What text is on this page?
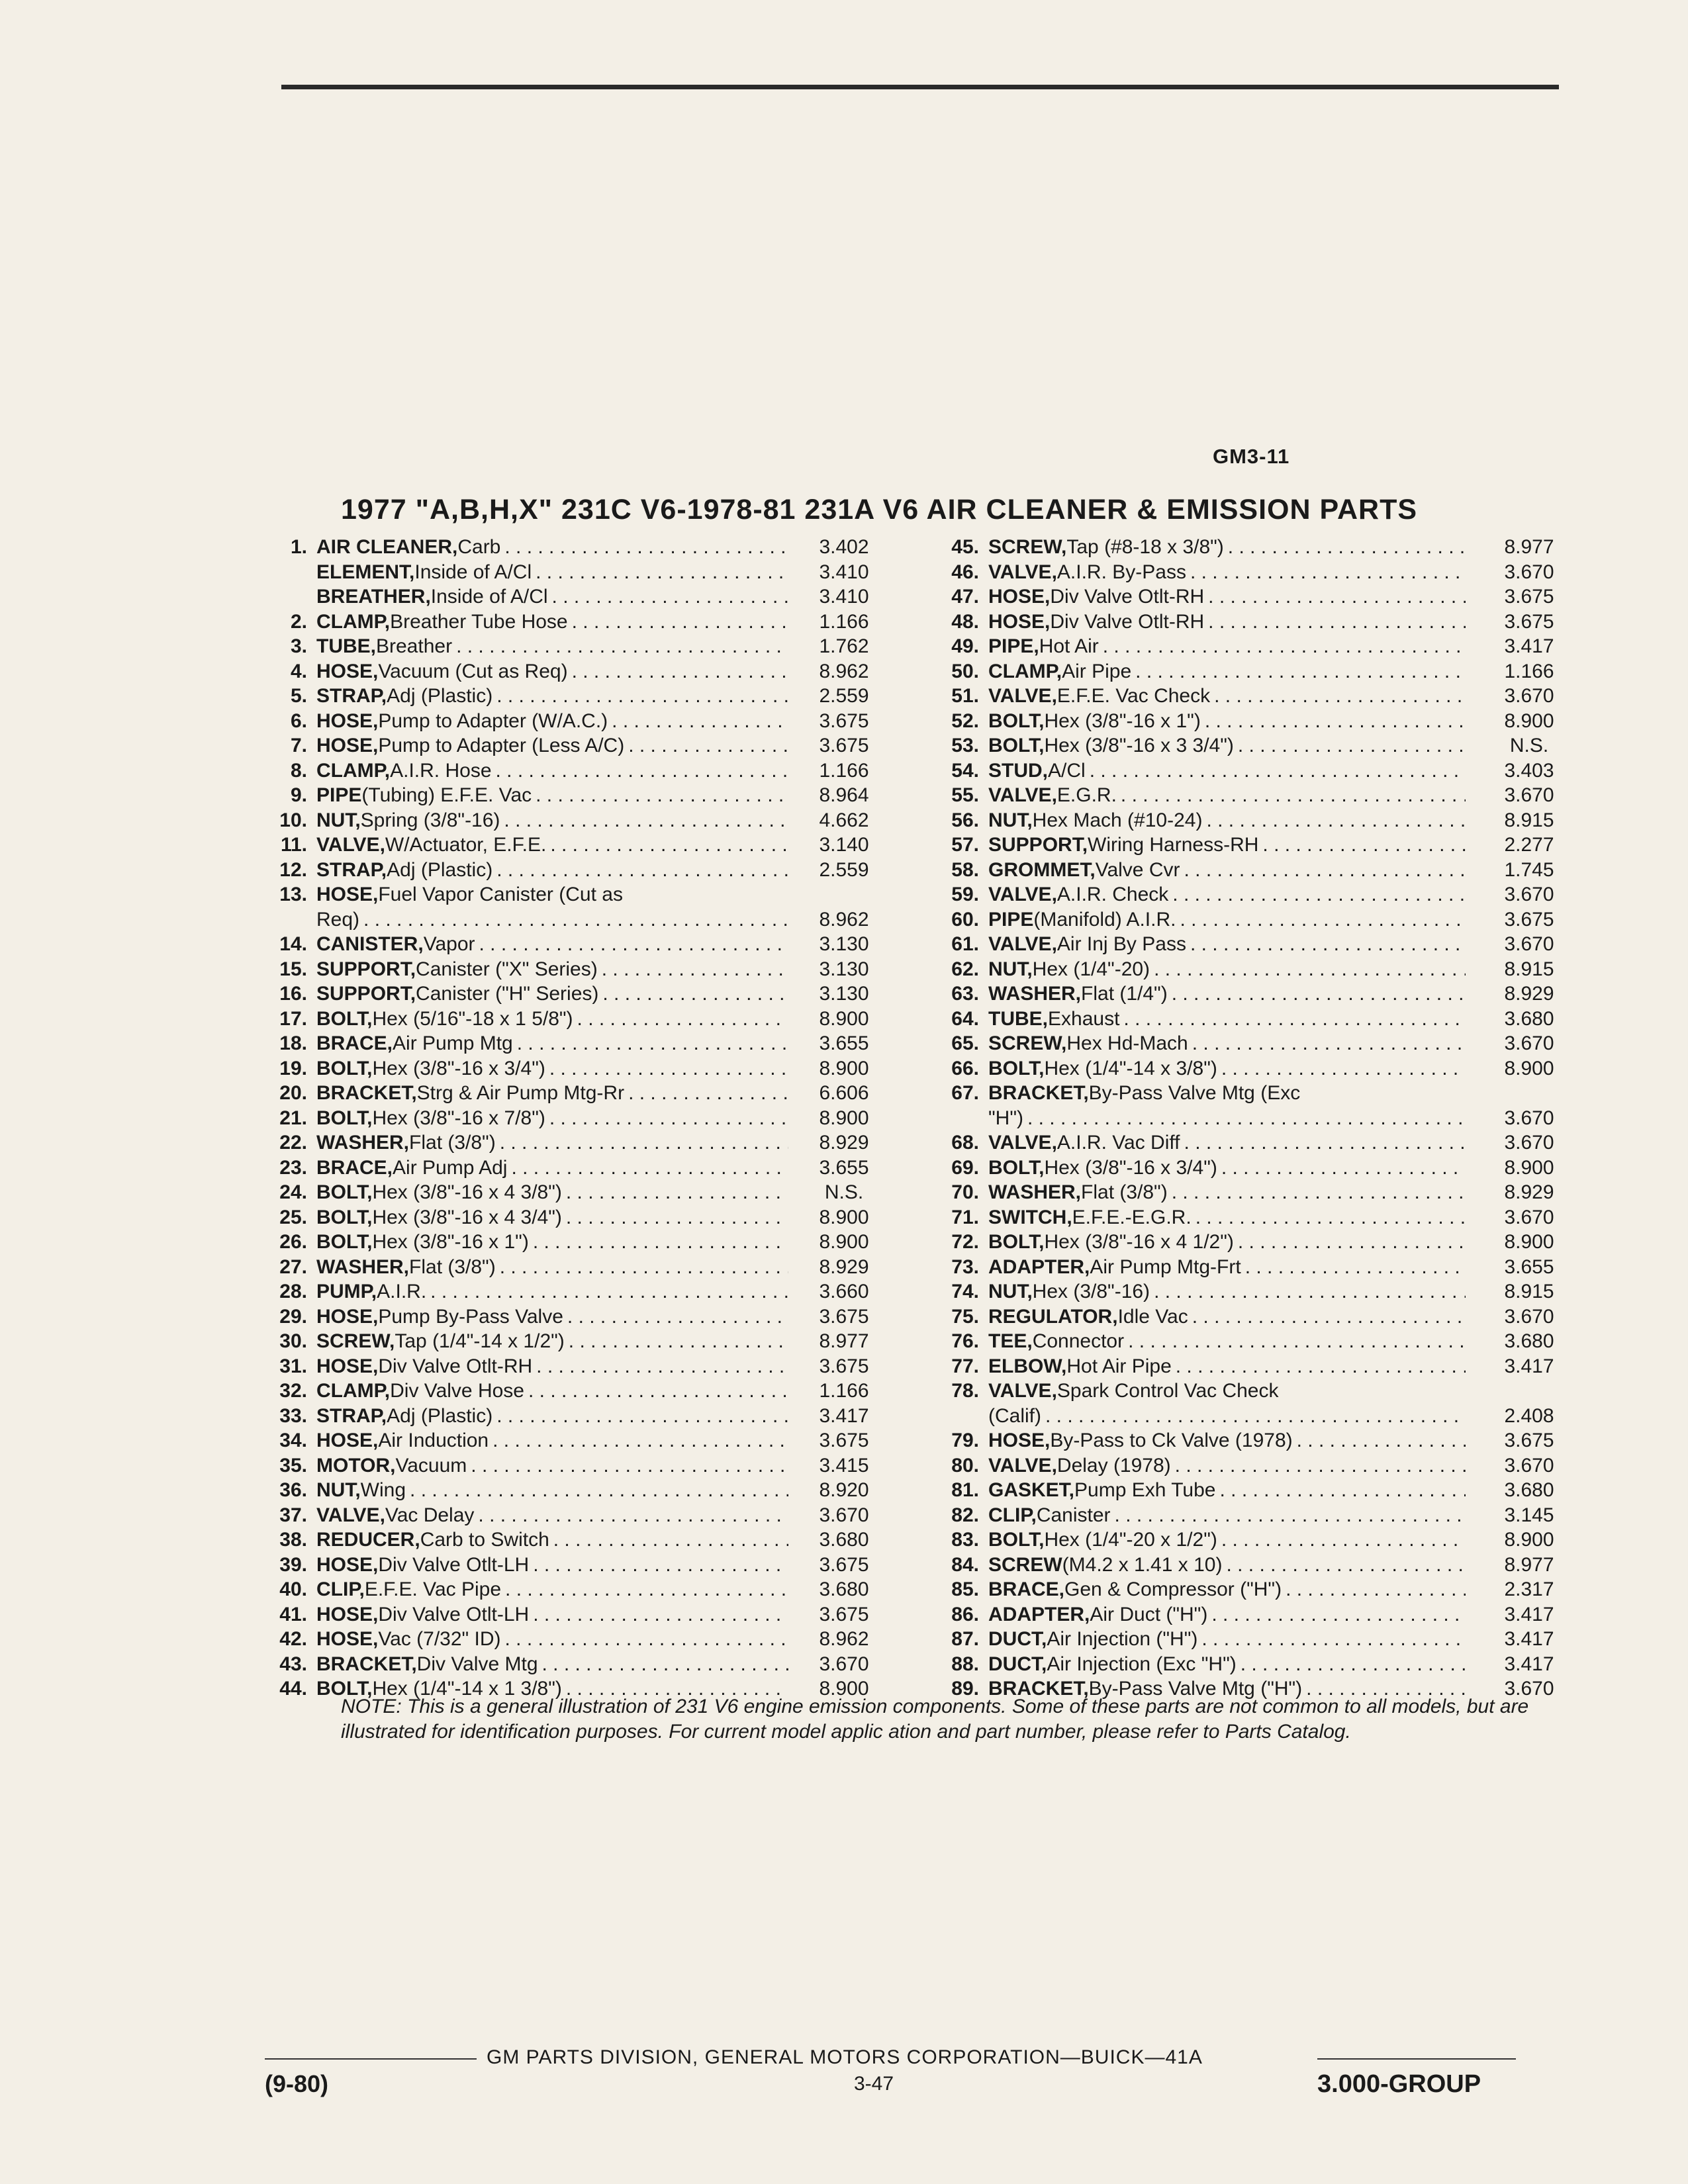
GM3-11
1977 "A,B,H,X" 231C V6-1978-81 231A V6 AIR CLEANER & EMISSION PARTS
1. AIR CLEANER, Carb . . .	3.402
ELEMENT, Inside of A/Cl . . .	3.410
BREATHER, Inside of A/Cl . . .	3.410
2. CLAMP, Breather Tube Hose . . .	1.166
3. TUBE, Breather . . .	1.762
4. HOSE, Vacuum (Cut as Req) . . .	8.962
5. STRAP, Adj (Plastic) . . .	2.559
6. HOSE, Pump to Adapter (W/A.C.) . . .	3.675
7. HOSE, Pump to Adapter (Less A/C) . . .	3.675
8. CLAMP, A.I.R. Hose . . .	1.166
9. PIPE (Tubing) E.F.E. Vac . . .	8.964
10. NUT, Spring (3/8"-16) . . .	4.662
11. VALVE, W/Actuator, E.F.E. . . .	3.140
12. STRAP, Adj (Plastic) . . .	2.559
13. HOSE, Fuel Vapor Canister (Cut as
Req) . . .	8.962
14. CANISTER, Vapor . . .	3.130
15. SUPPORT, Canister ("X" Series) . . .	3.130
16. SUPPORT, Canister ("H" Series) . . .	3.130
17. BOLT, Hex (5/16"-18 x 1 5/8") . . .	8.900
18. BRACE, Air Pump Mtg . . .	3.655
19. BOLT, Hex (3/8"-16 x 3/4") . . .	8.900
20. BRACKET, Strg & Air Pump Mtg-Rr . . .	6.606
21. BOLT, Hex (3/8"-16 x 7/8") . . .	8.900
22. WASHER, Flat (3/8") . . .	8.929
23. BRACE, Air Pump Adj . . .	3.655
24. BOLT, Hex (3/8"-16 x 4 3/8") . . .	N.S.
25. BOLT, Hex (3/8"-16 x 4 3/4") . . .	8.900
26. BOLT, Hex (3/8"-16 x 1") . . .	8.900
27. WASHER, Flat (3/8") . . .	8.929
28. PUMP, A.I.R. . . .	3.660
29. HOSE, Pump By-Pass Valve . . .	3.675
30. SCREW, Tap (1/4"-14 x 1/2") . . .	8.977
31. HOSE, Div Valve Otlt-RH . . .	3.675
32. CLAMP, Div Valve Hose . . .	1.166
33. STRAP, Adj (Plastic) . . .	3.417
34. HOSE, Air Induction . . .	3.675
35. MOTOR, Vacuum . . .	3.415
36. NUT, Wing . . .	8.920
37. VALVE, Vac Delay . . .	3.670
38. REDUCER, Carb to Switch . . .	3.680
39. HOSE, Div Valve Otlt-LH . . .	3.675
40. CLIP, E.F.E. Vac Pipe . . .	3.680
41. HOSE, Div Valve Otlt-LH . . .	3.675
42. HOSE, Vac (7/32" ID) . . .	8.962
43. BRACKET, Div Valve Mtg . . .	3.670
44. BOLT, Hex (1/4"-14 x 1 3/8") . . .	8.900
45. SCREW, Tap (#8-18 x 3/8") . . .	8.977
46. VALVE, A.I.R. By-Pass . . .	3.670
47. HOSE, Div Valve Otlt-RH . . .	3.675
48. HOSE, Div Valve Otlt-RH . . .	3.675
49. PIPE, Hot Air . . .	3.417
50. CLAMP, Air Pipe . . .	1.166
51. VALVE, E.F.E. Vac Check . . .	3.670
52. BOLT, Hex (3/8"-16 x 1") . . .	8.900
53. BOLT, Hex (3/8"-16 x 3 3/4") . . .	N.S.
54. STUD, A/Cl . . .	3.403
55. VALVE, E.G.R. . . .	3.670
56. NUT, Hex Mach (#10-24) . . .	8.915
57. SUPPORT, Wiring Harness-RH . . .	2.277
58. GROMMET, Valve Cvr . . .	1.745
59. VALVE, A.I.R. Check . . .	3.670
60. PIPE (Manifold) A.I.R. . . .	3.675
61. VALVE, Air Inj By Pass . . .	3.670
62. NUT, Hex (1/4"-20) . . .	8.915
63. WASHER, Flat (1/4") . . .	8.929
64. TUBE, Exhaust . . .	3.680
65. SCREW, Hex Hd-Mach . . .	3.670
66. BOLT, Hex (1/4"-14 x 3/8") . . .	8.900
67. BRACKET, By-Pass Valve Mtg (Exc
"H") . . .	3.670
68. VALVE, A.I.R. Vac Diff . . .	3.670
69. BOLT, Hex (3/8"-16 x 3/4") . . .	8.900
70. WASHER, Flat (3/8") . . .	8.929
71. SWITCH, E.F.E.-E.G.R. . . .	3.670
72. BOLT, Hex (3/8"-16 x 4 1/2") . . .	8.900
73. ADAPTER, Air Pump Mtg-Frt . . .	3.655
74. NUT, Hex (3/8"-16) . . .	8.915
75. REGULATOR, Idle Vac . . .	3.670
76. TEE, Connector . . .	3.680
77. ELBOW, Hot Air Pipe . . .	3.417
78. VALVE, Spark Control Vac Check
(Calif) . . .	2.408
79. HOSE, By-Pass to Ck Valve (1978) . . .	3.675
80. VALVE, Delay (1978) . . .	3.670
81. GASKET, Pump Exh Tube . . .	3.680
82. CLIP, Canister . . .	3.145
83. BOLT, Hex (1/4"-20 x 1/2") . . .	8.900
84. SCREW (M4.2 x 1.41 x 10) . . .	8.977
85. BRACE, Gen & Compressor ("H") . . .	2.317
86. ADAPTER, Air Duct ("H") . . .	3.417
87. DUCT, Air Injection ("H") . . .	3.417
88. DUCT, Air Injection (Exc "H") . . .	3.417
89. BRACKET, By-Pass Valve Mtg ("H") . . .	3.670
NOTE: This is a general illustration of 231 V6 engine emission components. Some of these parts are not common to all models, but are illustrated for identification purposes. For current model applic ation and part number, please refer to Parts Catalog.
GM PARTS DIVISION, GENERAL MOTORS CORPORATION—BUICK—41A
(9-80)	3-47	3.000-GROUP
